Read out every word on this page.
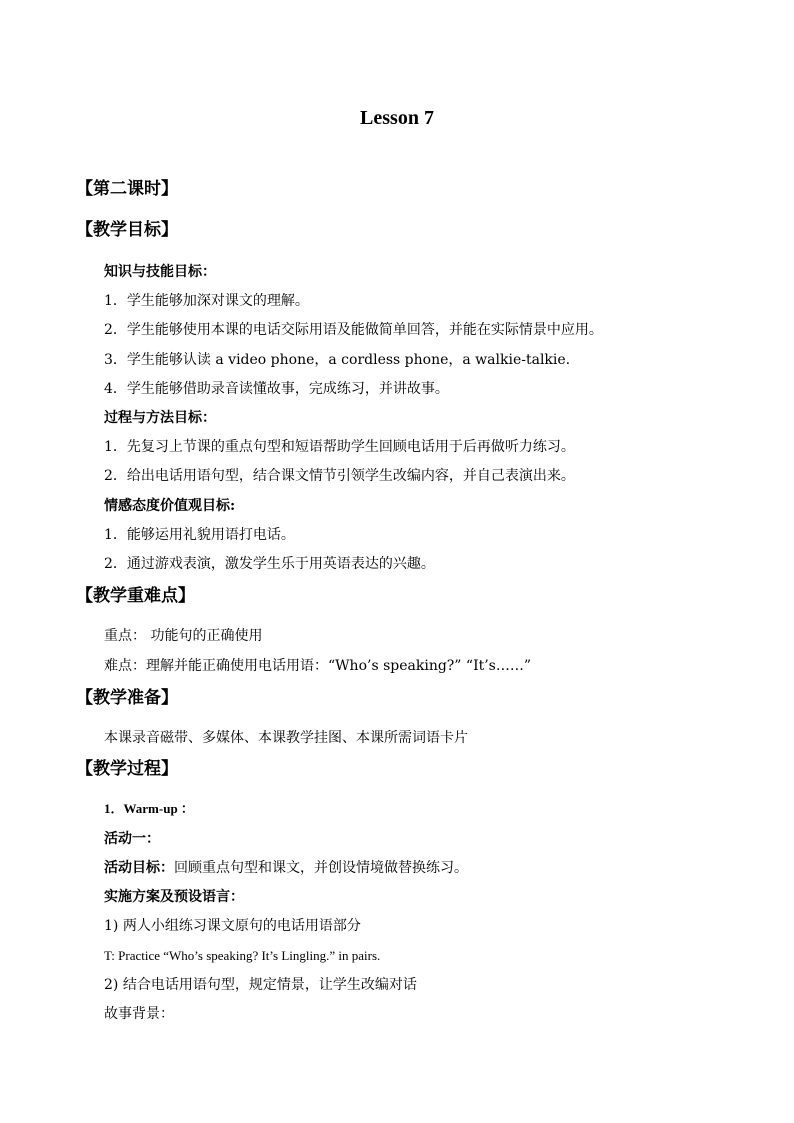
Lesson 7
【第二课时】
【教学目标】
知识与技能目标：
1．学生能够加深对课文的理解。
2．学生能够使用本课的电话交际用语及能做简单回答，并能在实际情景中应用。
3．学生能够认读 a video phone，a cordless phone，a walkie-talkie.
4．学生能够借助录音读懂故事，完成练习，并讲故事。
过程与方法目标：
1．先复习上节课的重点句型和短语帮助学生回顾电话用于后再做听力练习。
2．给出电话用语句型，结合课文情节引领学生改编内容，并自己表演出来。
情感态度价值观目标:
1．能够运用礼貌用语打电话。
2．通过游戏表演，激发学生乐于用英语表达的兴趣。
【教学重难点】
重点： 功能句的正确使用
难点：理解并能正确使用电话用语：“Who’s speaking?” “It’s……”
【教学准备】
本课录音磁带、多媒体、本课教学挂图、本课所需词语卡片
【教学过程】
1．Warm-up ：
活动一：
活动目标：回顾重点句型和课文，并创设情境做替换练习。
实施方案及预设语言：
1) 两人小组练习课文原句的电话用语部分
T: Practice “Who’s speaking? It’s Lingling.” in pairs.
2) 结合电话用语句型，规定情景，让学生改编对话
故事背景：
